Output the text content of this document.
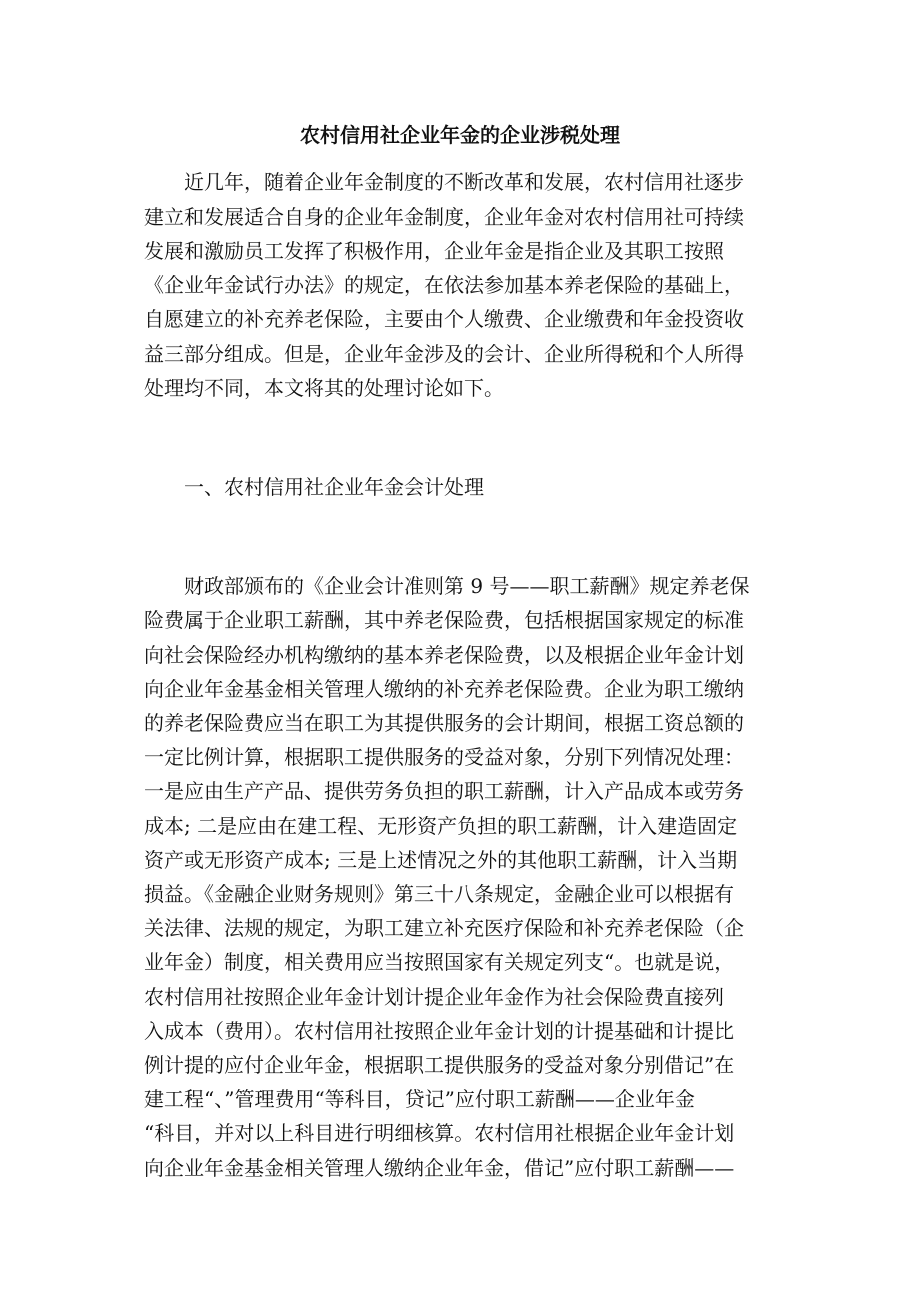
农村信用社企业年金的企业涉税处理
近几年，随着企业年金制度的不断改革和发展，农村信用社逐步
建立和发展适合自身的企业年金制度，企业年金对农村信用社可持续
发展和激励员工发挥了积极作用，企业年金是指企业及其职工按照
《企业年金试行办法》的规定，在依法参加基本养老保险的基础上，
自愿建立的补充养老保险，主要由个人缴费、企业缴费和年金投资收
益三部分组成。但是，企业年金涉及的会计、企业所得税和个人所得
处理均不同，本文将其的处理讨论如下。
一、农村信用社企业年金会计处理
财政部颁布的《企业会计准则第 9 号——职工薪酬》规定养老保
险费属于企业职工薪酬，其中养老保险费，包括根据国家规定的标准
向社会保险经办机构缴纳的基本养老保险费，以及根据企业年金计划
向企业年金基金相关管理人缴纳的补充养老保险费。企业为职工缴纳
的养老保险费应当在职工为其提供服务的会计期间，根据工资总额的
一定比例计算，根据职工提供服务的受益对象，分别下列情况处理：
一是应由生产产品、提供劳务负担的职工薪酬，计入产品成本或劳务
成本; 二是应由在建工程、无形资产负担的职工薪酬，计入建造固定
资产或无形资产成本; 三是上述情况之外的其他职工薪酬，计入当期
损益。《金融企业财务规则》第三十八条规定，金融企业可以根据有
关法律、法规的规定，为职工建立补充医疗保险和补充养老保险（企
业年金）制度，相关费用应当按照国家有关规定列支“。也就是说，
农村信用社按照企业年金计划计提企业年金作为社会保险费直接列
入成本（费用）。农村信用社按照企业年金计划的计提基础和计提比
例计提的应付企业年金，根据职工提供服务的受益对象分别借记”在
建工程“、”管理费用“等科目，贷记”应付职工薪酬——企业年金
“科目，并对以上科目进行明细核算。农村信用社根据企业年金计划
向企业年金基金相关管理人缴纳企业年金，借记”应付职工薪酬——
